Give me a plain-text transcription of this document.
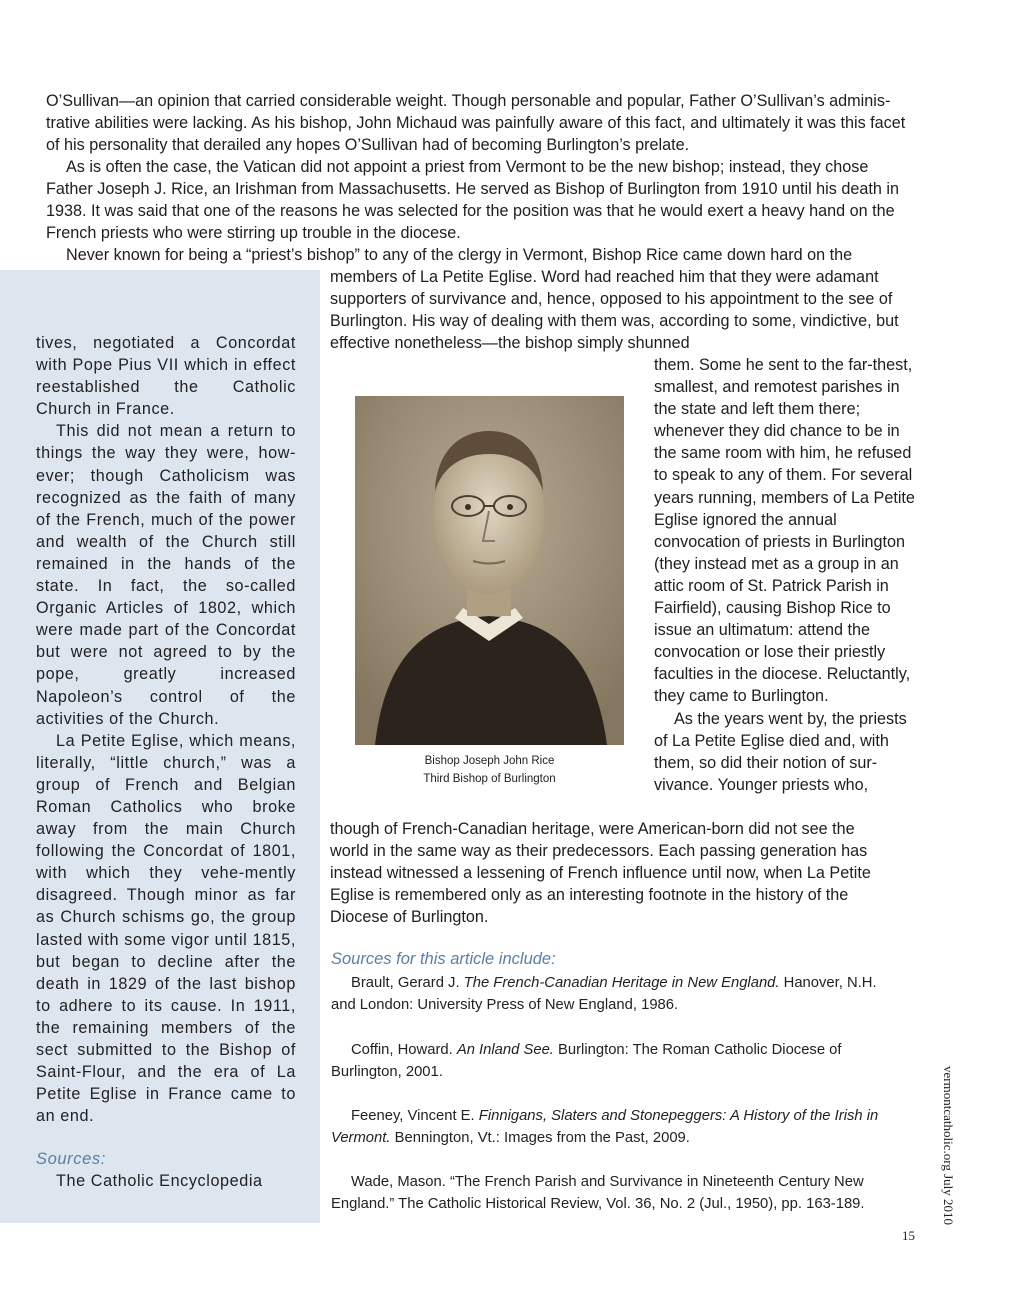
O’Sullivan—an opinion that carried considerable weight. Though personable and popular, Father O’Sullivan’s adminis-trative abilities were lacking. As his bishop, John Michaud was painfully aware of this fact, and ultimately it was this facet of his personality that derailed any hopes O’Sullivan had of becoming Burlington’s prelate.

As is often the case, the Vatican did not appoint a priest from Vermont to be the new bishop; instead, they chose Father Joseph J. Rice, an Irishman from Massachusetts. He served as Bishop of Burlington from 1910 until his death in 1938. It was said that one of the reasons he was selected for the position was that he would exert a heavy hand on the French priests who were stirring up trouble in the diocese.

Never known for being a “priest’s bishop” to any of the clergy in Vermont, Bishop Rice came down hard on the

tives, negotiated a Concordat with Pope Pius VII which in effect reestablished the Catholic Church in France.

This did not mean a return to things the way they were, how-ever; though Catholicism was recognized as the faith of many of the French, much of the power and wealth of the Church still remained in the hands of the state. In fact, the so-called Organic Articles of 1802, which were made part of the Concordat but were not agreed to by the pope, greatly increased Napoleon’s control of the activities of the Church.

La Petite Eglise, which means, literally, “little church,” was a group of French and Belgian Roman Catholics who broke away from the main Church following the Concordat of 1801, with which they vehe-mently disagreed. Though minor as far as Church schisms go, the group lasted with some vigor until 1815, but began to decline after the death in 1829 of the last bishop to adhere to its cause. In 1911, the remaining members of the sect submitted to the Bishop of Saint-Flour, and the era of La Petite Eglise in France came to an end.

Sources:
The Catholic Encyclopedia

members of La Petite Eglise. Word had reached him that they were adamant supporters of survivance and, hence, opposed to his appointment to the see of Burlington. His way of dealing with them was, according to some, vindictive, but effective nonetheless—the bishop simply shunned

Bishop Joseph John Rice
Third Bishop of Burlington

them. Some he sent to the far-thest, smallest, and remotest parishes in the state and left them there; whenever they did chance to be in the same room with him, he refused to speak to any of them. For several years running, members of La Petite Eglise ignored the annual convocation of priests in Burlington (they instead met as a group in an attic room of St. Patrick Parish in Fairfield), causing Bishop Rice to issue an ultimatum: attend the convocation or lose their priestly faculties in the diocese. Reluctantly, they came to Burlington.

As the years went by, the priests of La Petite Eglise died and, with them, so did their notion of sur-vivance. Younger priests who,

though of French-Canadian heritage, were American-born did not see the world in the same way as their predecessors. Each passing generation has instead witnessed a lessening of French influence until now, when La Petite Eglise is remembered only as an interesting footnote in the history of the Diocese of Burlington.

Sources for this article include:
Brault, Gerard J. The French-Canadian Heritage in New England. Hanover, N.H. and London: University Press of New England, 1986.
Coffin, Howard. An Inland See. Burlington: The Roman Catholic Diocese of Burlington, 2001.
Feeney, Vincent E. Finnigans, Slaters and Stonepeggers: A History of the Irish in Vermont. Bennington, Vt.: Images from the Past, 2009.
Wade, Mason. “The French Parish and Survivance in Nineteenth Century New England.” The Catholic Historical Review, Vol. 36, No. 2 (Jul., 1950), pp. 163-189.	vermontcatholic.org July 2010
15
